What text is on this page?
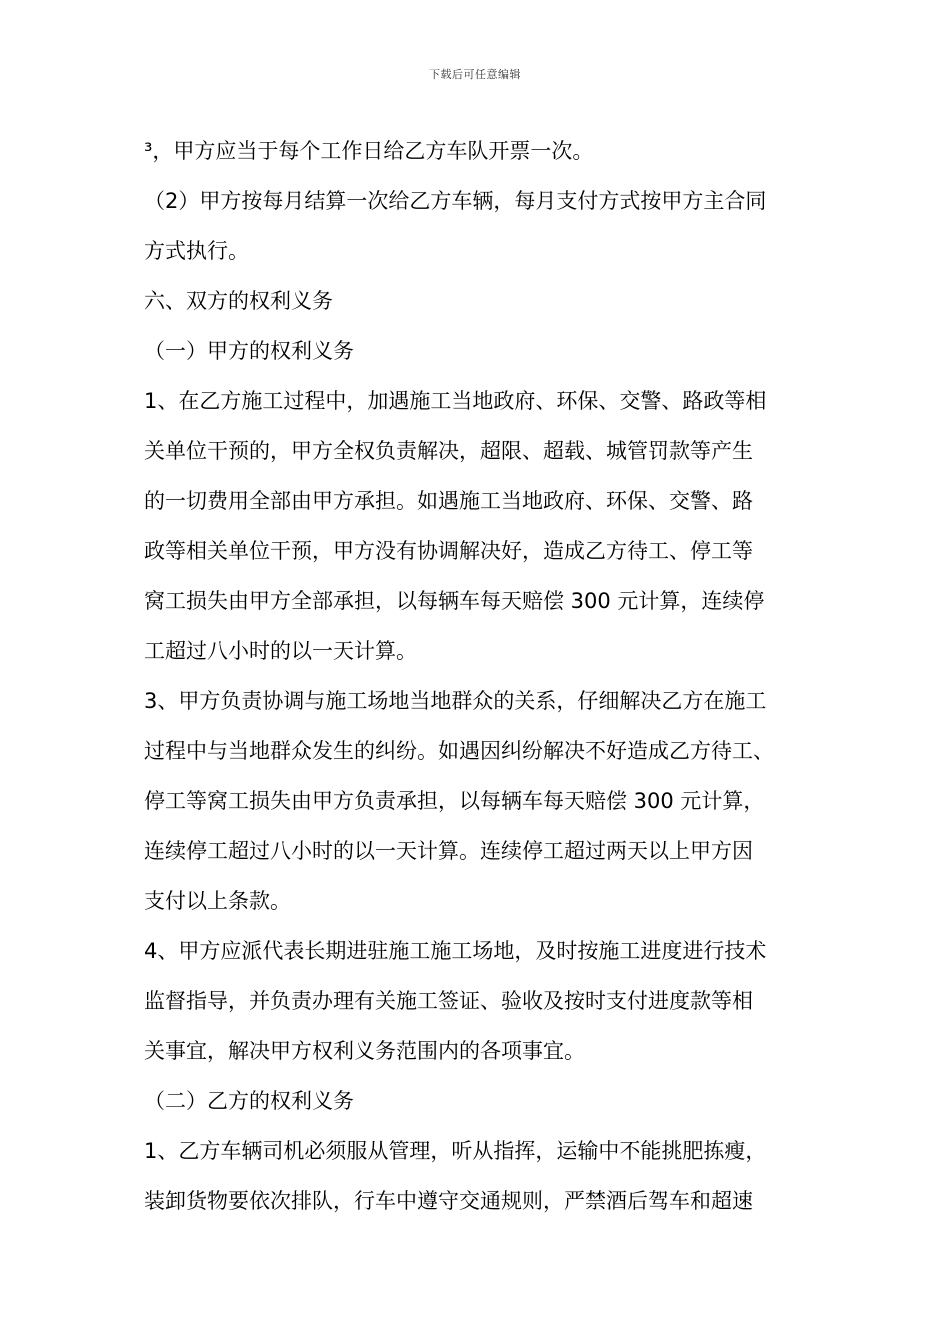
下载后可任意编辑
³，甲方应当于每个工作日给乙方车队开票一次。
（2）甲方按每月结算一次给乙方车辆，每月支付方式按甲方主合同
方式执行。
六、双方的权利义务
（一）甲方的权利义务
1、在乙方施工过程中，加遇施工当地政府、环保、交警、路政等相
关单位干预的，甲方全权负责解决，超限、超载、城管罚款等产生
的一切费用全部由甲方承担。如遇施工当地政府、环保、交警、路
政等相关单位干预，甲方没有协调解决好，造成乙方待工、停工等
窝工损失由甲方全部承担，以每辆车每天赔偿 300 元计算，连续停
工超过八小时的以一天计算。
3、甲方负责协调与施工场地当地群众的关系，仔细解决乙方在施工
过程中与当地群众发生的纠纷。如遇因纠纷解决不好造成乙方待工、
停工等窝工损失由甲方负责承担，以每辆车每天赔偿 300 元计算，
连续停工超过八小时的以一天计算。连续停工超过两天以上甲方因
支付以上条款。
4、甲方应派代表长期进驻施工施工场地，及时按施工进度进行技术
监督指导，并负责办理有关施工签证、验收及按时支付进度款等相
关事宜，解决甲方权利义务范围内的各项事宜。
（二）乙方的权利义务
1、乙方车辆司机必须服从管理，听从指挥，运输中不能挑肥拣瘦，
装卸货物要依次排队，行车中遵守交通规则，严禁酒后驾车和超速
